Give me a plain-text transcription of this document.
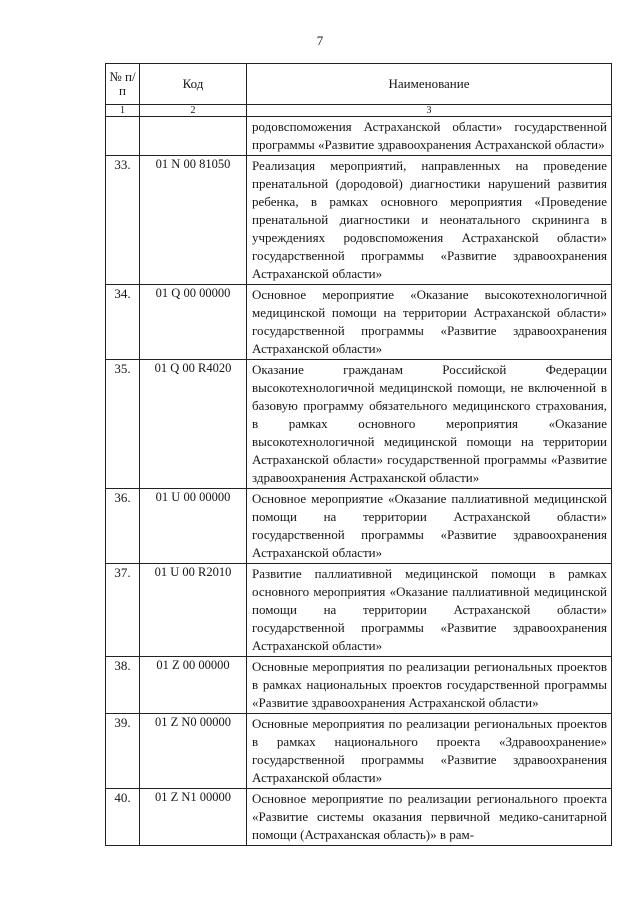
7
№ п/п	Код	Наименование
1	2	3
		родовспоможения Астраханской области» государственной программы «Развитие здравоохранения Астраханской области»
33.	01 N 00 81050	Реализация мероприятий, направленных на проведение пренатальной (дородовой) диагностики нарушений развития ребенка, в рамках основного мероприятия «Проведение пренатальной диагностики и неонатального скрининга в учреждениях родовспоможения Астраханской области» государственной программы «Развитие здравоохранения Астраханской области»
34.	01 Q 00 00000	Основное мероприятие «Оказание высокотехнологичной медицинской помощи на территории Астраханской области» государственной программы «Развитие здравоохранения Астраханской области»
35.	01 Q 00 R4020	Оказание гражданам Российской Федерации высокотехнологичной медицинской помощи, не включенной в базовую программу обязательного медицинского страхования, в рамках основного мероприятия «Оказание высокотехнологичной медицинской помощи на территории Астраханской области» государственной программы «Развитие здравоохранения Астраханской области»
36.	01 U 00 00000	Основное мероприятие «Оказание паллиативной медицинской помощи на территории Астраханской области» государственной программы «Развитие здравоохранения Астраханской области»
37.	01 U 00 R2010	Развитие паллиативной медицинской помощи в рамках основного мероприятия «Оказание паллиативной медицинской помощи на территории Астраханской области» государственной программы «Развитие здравоохранения Астраханской области»
38.	01 Z 00 00000	Основные мероприятия по реализации региональных проектов в рамках национальных проектов государственной программы «Развитие здравоохранения Астраханской области»
39.	01 Z N0 00000	Основные мероприятия по реализации региональных проектов в рамках национального проекта «Здравоохранение» государственной программы «Развитие здравоохранения Астраханской области»
40.	01 Z N1 00000	Основное мероприятие по реализации регионального проекта «Развитие системы оказания первичной медико-санитарной помощи (Астраханская область)» в рам-
